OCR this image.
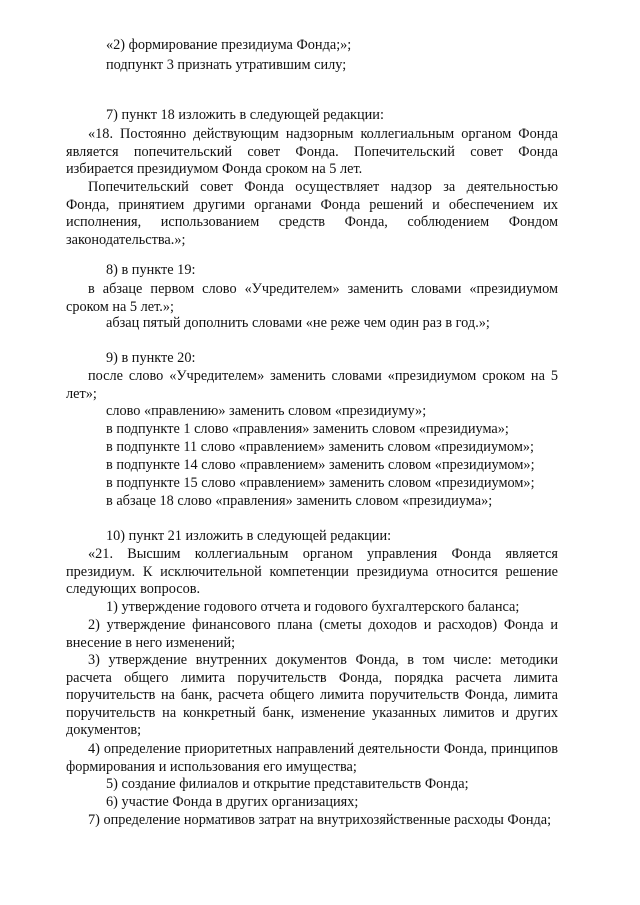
«2) формирование президиума Фонда;»;

подпункт 3 признать утратившим силу;

7) пункт 18 изложить в следующей редакции:

«18. Постоянно действующим надзорным коллегиальным органом Фонда является попечительский совет Фонда. Попечительский совет Фонда избирается президиумом Фонда сроком на 5 лет.

Попечительский совет Фонда осуществляет надзор за деятельностью Фонда, принятием другими органами Фонда решений и обеспечением их исполнения, использованием средств Фонда, соблюдением Фондом законодательства.»;

8) в пункте 19:

в абзаце первом слово «Учредителем» заменить словами «президиумом сроком на 5 лет.»;

абзац пятый дополнить словами «не реже чем один раз в год.»;

9) в пункте 20:

после слово «Учредителем» заменить словами «президиумом сроком на 5 лет»;

слово «правлению» заменить словом «президиуму»;

в подпункте 1 слово «правления» заменить словом «президиума»;

в подпункте 11 слово «правлением» заменить словом «президиумом»;

в подпункте 14 слово «правлением» заменить словом «президиумом»;

в подпункте 15 слово «правлением» заменить словом «президиумом»;

в абзаце 18 слово «правления» заменить словом «президиума»;

10) пункт 21 изложить в следующей редакции:

«21. Высшим коллегиальным органом управления Фонда является президиум. К исключительной компетенции президиума относится решение следующих вопросов.

1) утверждение годового отчета и годового бухгалтерского баланса;

2) утверждение финансового плана (сметы доходов и расходов) Фонда и внесение в него изменений;

3) утверждение внутренних документов Фонда, в том числе: методики расчета общего лимита поручительств Фонда, порядка расчета лимита поручительств на банк, расчета общего лимита поручительств Фонда, лимита поручительств на конкретный банк, изменение указанных лимитов и других документов;

4) определение приоритетных направлений деятельности Фонда, принципов формирования и использования его имущества;

5) создание филиалов и открытие представительств Фонда;

6) участие Фонда в других организациях;

7) определение нормативов затрат на внутрихозяйственные расходы Фонда;
